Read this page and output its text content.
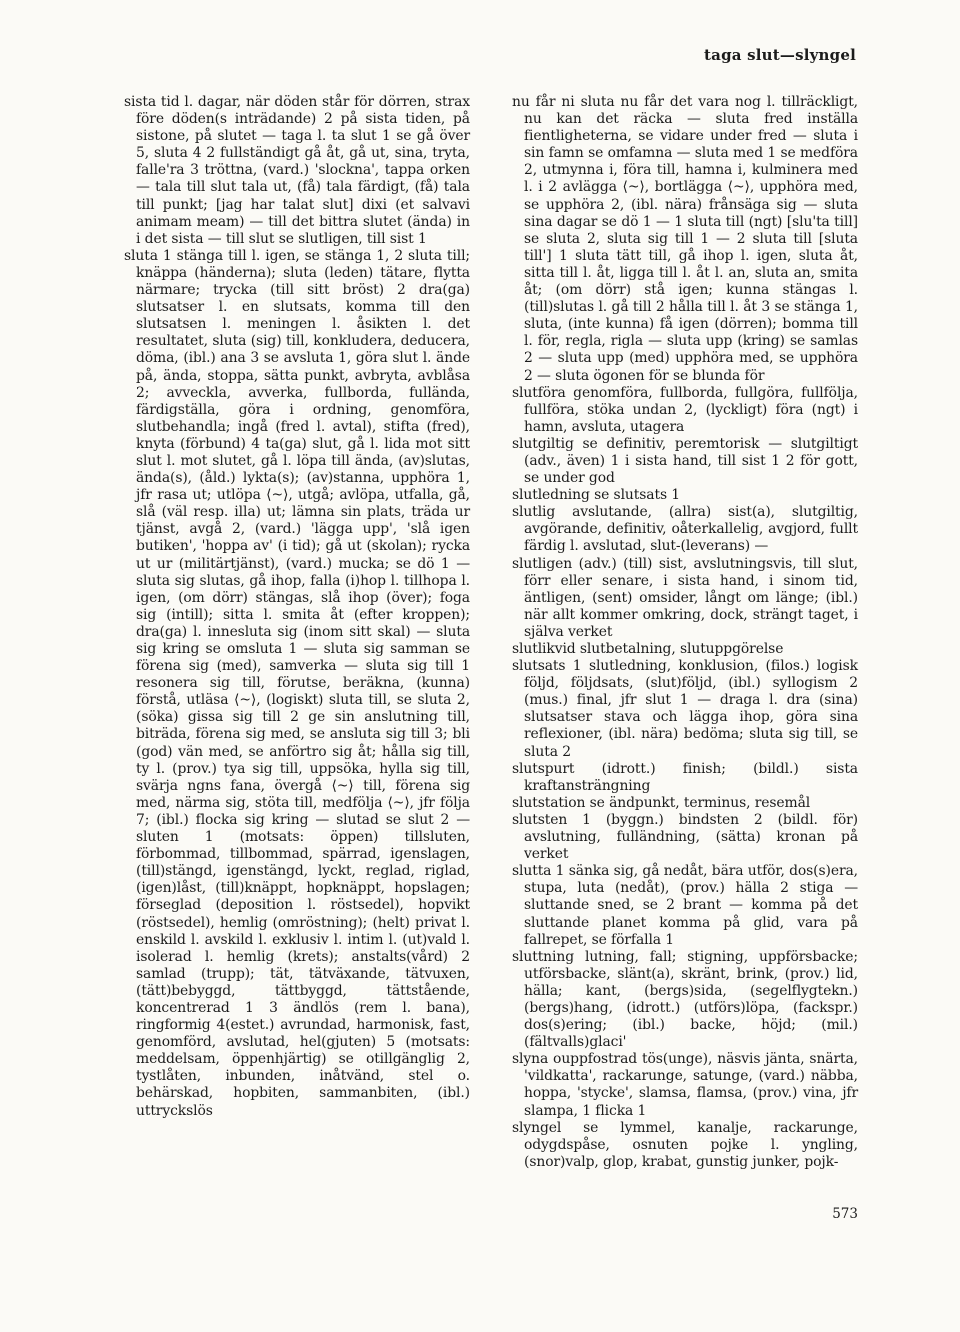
taga slut—slyngel

sista tid l. dagar, när döden står för dörren, strax före döden(s inträdande) 2 på sista tiden, på sistone, på slutet — taga l. ta slut 1 se gå över 5, sluta 4 2 fullständigt gå åt, gå ut, sina, tryta, falle'ra 3 tröttna, (vard.) 'slockna', tappa orken — tala till slut tala ut, (få) tala färdigt, (få) tala till punkt; [jag har talat slut] dixi (et salvavi animam meam) — till det bittra slutet (ända) in i det sista — till slut se slutligen, till sist 1

sluta 1 stänga till l. igen, se stänga 1, 2 sluta till; knäppa (händerna); sluta (leden) tätare, flytta närmare; trycka (till sitt bröst) 2 dra(ga) slutsatser l. en slutsats, komma till den slutsatsen l. meningen l. åsikten l. det resultatet, sluta (sig) till, konkludera, deducera, döma, (ibl.) ana 3 se avsluta 1, göra slut l. ände på, ända, stoppa, sätta punkt, avbryta, avblåsa 2; avveckla, avverka, fullborda, fullända, färdigställa, göra i ordning, genomföra, slutbehandla; ingå (fred l. avtal), stifta (fred), knyta (förbund) 4 ta(ga) slut, gå l. lida mot sitt slut l. mot slutet, gå l. löpa till ända, (av)slutas, ända(s), (åld.) lykta(s); (av)stanna, upphöra 1, jfr rasa ut; utlöpa ⟨~⟩, utgå; avlöpa, utfalla, gå, slå (väl resp. illa) ut; lämna sin plats, träda ur tjänst, avgå 2, (vard.) 'lägga upp', 'slå igen butiken', 'hoppa av' (i tid); gå ut (skolan); rycka ut ur (militärtjänst), (vard.) mucka; se dö 1 — sluta sig slutas, gå ihop, falla (i)hop l. tillhopa l. igen, (om dörr) stängas, slå ihop (över); foga sig (intill); sitta l. smita åt (efter kroppen); dra(ga) l. innesluta sig (inom sitt skal) — sluta sig kring se omsluta 1 — sluta sig samman se förena sig (med), samverka — sluta sig till 1 resonera sig till, förutse, beräkna, (kunna) förstå, utläsa ⟨~⟩, (logiskt) sluta till, se sluta 2, (söka) gissa sig till 2 ge sin anslutning till, biträda, förena sig med, se ansluta sig till 3; bli (god) vän med, se anförtro sig åt; hålla sig till, ty l. (prov.) tya sig till, uppsöka, hylla sig till, svärja ngns fana, övergå ⟨~⟩ till, förena sig med, närma sig, stöta till, medfölja ⟨~⟩, jfr följa 7; (ibl.) flocka sig kring — slutad se slut 2 — sluten 1 (motsats: öppen) tillsluten, förbommad, tillbommad, spärrad, igenslagen, (till)stängd, igenstängd, lyckt, reglad, riglad, (igen)låst, (till)knäppt, hopknäppt, hopslagen; förseglad (deposition l. röstsedel), hopvikt (röstsedel), hemlig (omröstning); (helt) privat l. enskild l. avskild l. exklusiv l. intim l. (ut)vald l. isolerad l. hemlig (krets); anstalts(vård) 2 samlad (trupp); tät, tätväxande, tätvuxen, (tätt)bebyggd, tättbyggd, tättstående, koncentrerad 1 3 ändlös (rem l. bana), ringformig 4(estet.) avrundad, harmonisk, fast, genomförd, avslutad, hel(gjuten) 5 (motsats: meddelsam, öppenhjärtig) se otillgänglig 2, tystlåten, inbunden, inåtvänd, stel o. behärskad, hopbiten, sammanbiten, (ibl.) uttryckslös

nu får ni sluta nu får det vara nog l. tillräckligt, nu kan det räcka — sluta fred inställa fientligheterna, se vidare under fred — sluta i sin famn se omfamna — sluta med 1 se medföra 2, utmynna i, föra till, hamna i, kulminera med l. i 2 avlägga ⟨~⟩, bortlägga ⟨~⟩, upphöra med, se upphöra 2, (ibl. nära) frånsäga sig — sluta sina dagar se dö 1 — 1 sluta till (ngt) [slu'ta till] se sluta 2, sluta sig till 1 — 2 sluta till [sluta till'] 1 sluta tätt till, gå ihop l. igen, sluta åt, sitta till l. åt, ligga till l. åt l. an, sluta an, smita åt; (om dörr) stå igen; kunna stängas l. (till)slutas l. gå till 2 hålla till l. åt 3 se stänga 1, sluta, (inte kunna) få igen (dörren); bomma till l. för, regla, rigla — sluta upp (kring) se samlas 2 — sluta upp (med) upphöra med, se upphöra 2 — sluta ögonen för se blunda för

slutföra genomföra, fullborda, fullgöra, fullfölja, fullföra, stöka undan 2, (lyckligt) föra (ngt) i hamn, avsluta, utagera

slutgiltig se definitiv, peremtorisk — slutgiltigt (adv., även) 1 i sista hand, till sist 1 2 för gott, se under god

slutledning se slutsats 1

slutlig avslutande, (allra) sist(a), slutgiltig, avgörande, definitiv, oåterkallelig, avgjord, fullt färdig l. avslutad, slut-(leverans) —

slutligen (adv.) (till) sist, avslutningsvis, till slut, förr eller senare, i sista hand, i sinom tid, äntligen, (sent) omsider, långt om länge; (ibl.) när allt kommer omkring, dock, strängt taget, i själva verket

slutlikvid slutbetalning, slutuppgörelse

slutsats 1 slutledning, konklusion, (filos.) logisk följd, följdsats, (slut)följd, (ibl.) syllogism 2 (mus.) final, jfr slut 1 — draga l. dra (sina) slutsatser stava och lägga ihop, göra sina reflexioner, (ibl. nära) bedöma; sluta sig till, se sluta 2

slutspurt (idrott.) finish; (bildl.) sista kraftansträngning

slutstation se ändpunkt, terminus, resemål

slutsten 1 (byggn.) bindsten 2 (bildl. för) avslutning, fulländning, (sätta) kronan på verket

slutta 1 sänka sig, gå nedåt, bära utför, dos(s)era, stupa, luta (nedåt), (prov.) hälla 2 stiga — sluttande sned, se 2 brant — komma på det sluttande planet komma på glid, vara på fallrepet, se förfalla 1

sluttning lutning, fall; stigning, uppförsbacke; utförsbacke, slänt(a), skränt, brink, (prov.) lid, hälla; kant, (bergs)sida, (segelflygtekn.) (bergs)hang, (idrott.) (utförs)löpa, (fackspr.) dos(s)ering; (ibl.) backe, höjd; (mil.) (fältvalls)glaci'

slyna ouppfostrad tös(unge), näsvis jänta, snärta, 'vildkatta', rackarunge, satunge, (vard.) näbba, hoppa, 'stycke', slamsa, flamsa, (prov.) vina, jfr slampa, 1 flicka 1

slyngel se lymmel, kanalje, rackarunge, odygdspåse, osnuten pojke l. yngling, (snor)valp, glop, krabat, gunstig junker, pojk-

573
